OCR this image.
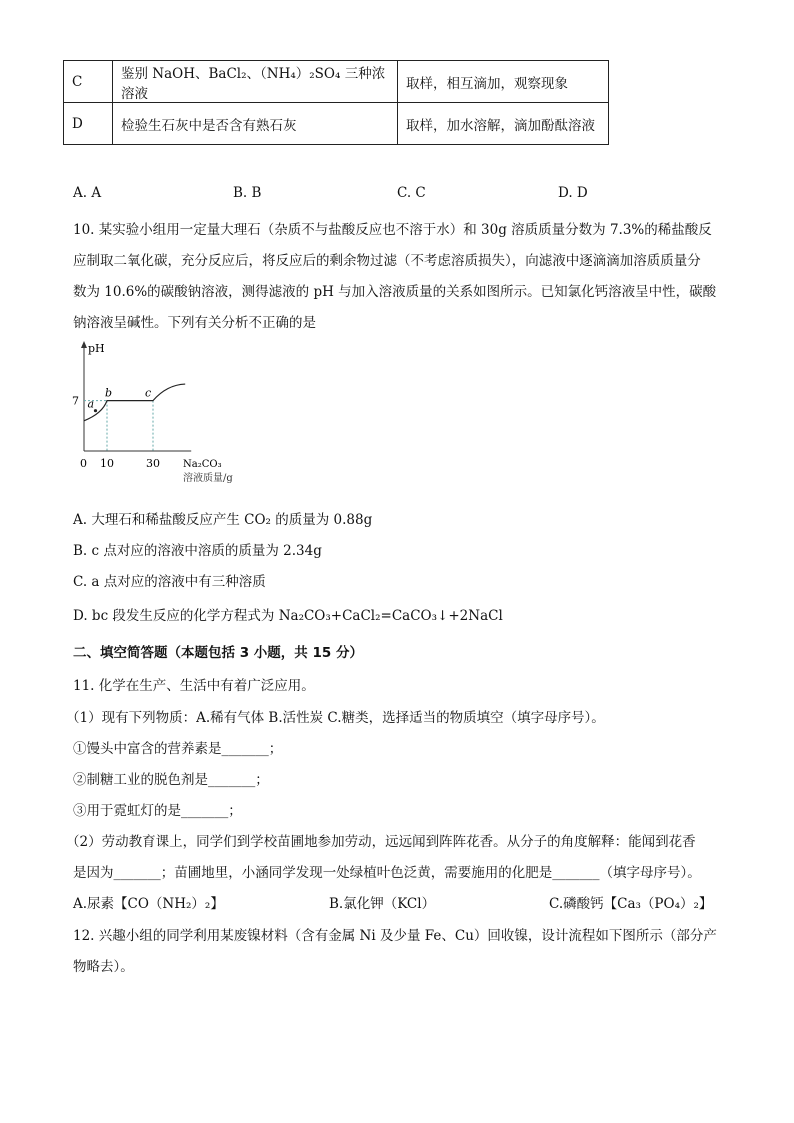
C	鉴别 NaOH、BaCl₂、（NH₄）₂SO₄ 三种浓溶液	取样，相互滴加，观察现象
D	检验生石灰中是否含有熟石灰	取样，加水溶解，滴加酚酞溶液
A. A	B. B	C. C	D. D
10. 某实验小组用一定量大理石（杂质不与盐酸反应也不溶于水）和 30g 溶质质量分数为 7.3%的稀盐酸反
应制取二氧化碳，充分反应后，将反应后的剩余物过滤（不考虑溶质损失），向滤液中逐滴滴加溶质质量分
数为 10.6%的碳酸钠溶液，测得滤液的 pH 与加入溶液质量的关系如图所示。已知氯化钙溶液呈中性，碳酸
钠溶液呈碱性。下列有关分析不正确的是
pH
7
0 10	30 Na₂CO₃
溶液质量/g
a
b	c
A. 大理石和稀盐酸反应产生 CO₂ 的质量为 0.88g
B. c 点对应的溶液中溶质的质量为 2.34g
C. a 点对应的溶液中有三种溶质
D. bc 段发生反应的化学方程式为 Na₂CO₃+CaCl₂=CaCO₃↓+2NaCl
二、填空简答题（本题包括 3 小题，共 15 分）
11. 化学在生产、生活中有着广泛应用。
（1）现有下列物质：A.稀有气体 B.活性炭 C.糖类，选择适当的物质填空（填字母序号）。
①馒头中富含的营养素是_______；
②制糖工业的脱色剂是_______；
③用于霓虹灯的是_______；
（2）劳动教育课上，同学们到学校苗圃地参加劳动，远远闻到阵阵花香。从分子的角度解释：能闻到花香
是因为_______；苗圃地里，小涵同学发现一处绿植叶色泛黄，需要施用的化肥是_______（填字母序号）。
A.尿素【CO（NH₂）₂】	B.氯化钾（KCl）	C.磷酸钙【Ca₃（PO₄）₂】
12. 兴趣小组的同学利用某废镍材料（含有金属 Ni 及少量 Fe、Cu）回收镍，设计流程如下图所示（部分产
物略去）。
